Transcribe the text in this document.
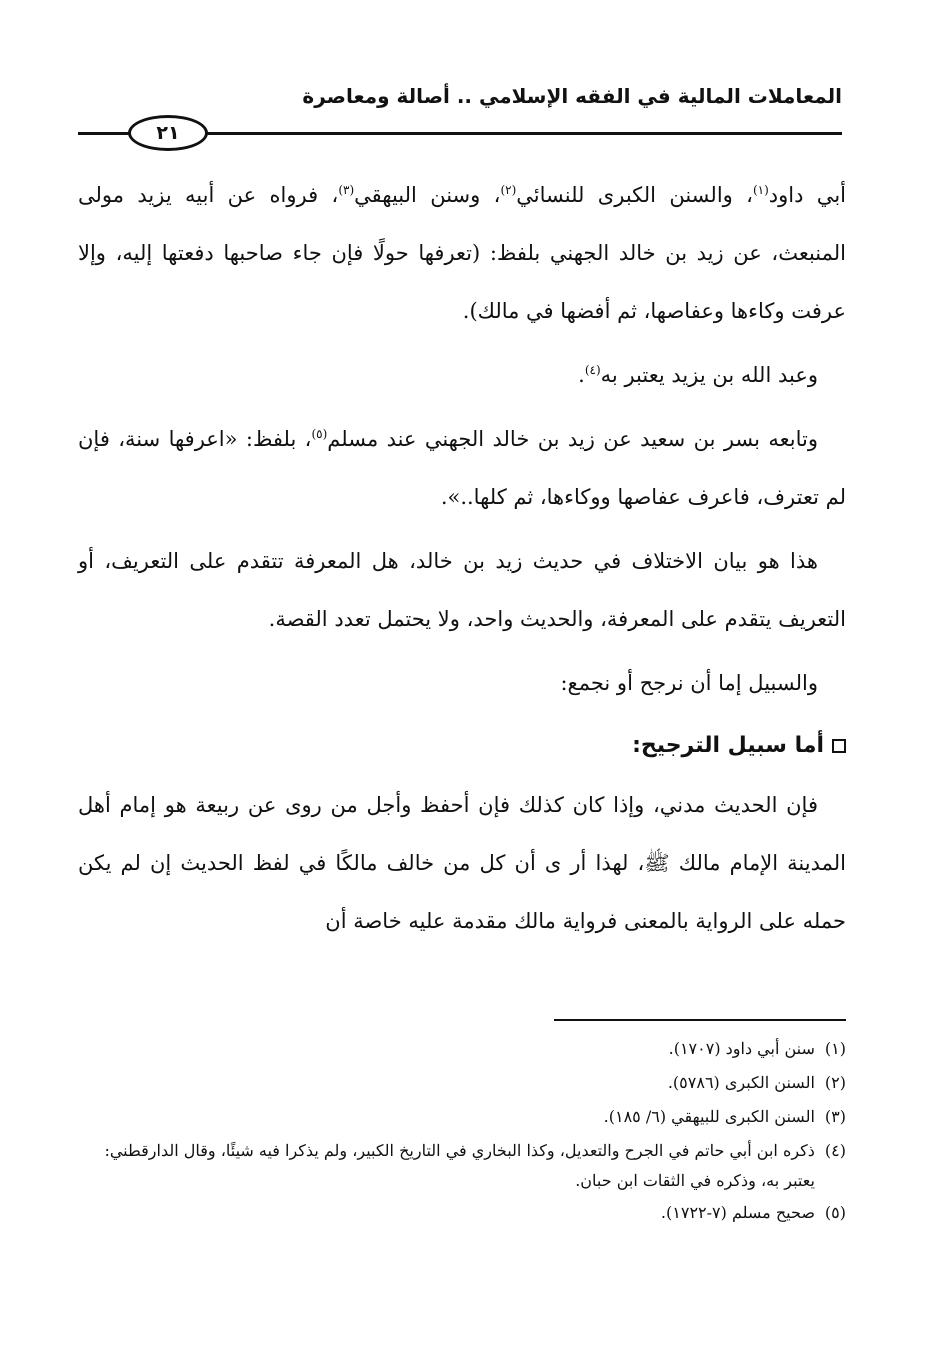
المعاملات المالية في الفقه الإسلامي .. أصالة ومعاصرة
٢١

أبي داود$^{(١)}$، والسنن الكبرى للنسائي$^{(٢)}$، وسنن البيهقي$^{(٣)}$، فرواه عن أبيه يزيد مولى المنبعث، عن زيد بن خالد الجهني بلفظ: (تعرفها حولًا فإن جاء صاحبها دفعتها إليه، وإلا عرفت وكاءها وعفاصها، ثم أفضها في مالك).

وعبد الله بن يزيد يعتبر به$^{(٤)}$.

وتابعه بسر بن سعيد عن زيد بن خالد الجهني عند مسلم$^{(٥)}$، بلفظ: «اعرفها سنة، فإن لم تعترف، فاعرف عفاصها ووكاءها، ثم كلها..».

هذا هو بيان الاختلاف في حديث زيد بن خالد، هل المعرفة تتقدم على التعريف، أو التعريف يتقدم على المعرفة، والحديث واحد، ولا يحتمل تعدد القصة.

والسبيل إما أن نرجح أو نجمع:

أما سبيل الترجيح:

فإن الحديث مدني، وإذا كان كذلك فإن أحفظ وأجل من روى عن ربيعة هو إمام أهل المدينة الإمام مالك ﷺ، لهذا أر ى أن كل من خالف مالكًا في لفظ الحديث إن لم يكن حمله على الرواية بالمعنى فرواية مالك مقدمة عليه خاصة أن

(١)
سنن أبي داود (١٧٠٧).
(٢)
السنن الكبرى (٥٧٨٦).
(٣)
السنن الكبرى للبيهقي (٦/ ١٨٥).
(٤)
ذكره ابن أبي حاتم في الجرح والتعديل، وكذا البخاري في التاريخ الكبير، ولم يذكرا فيه شيئًا، وقال الدارقطني: يعتبر به، وذكره في الثقات ابن حبان.
(٥)
صحيح مسلم (٧-١٧٢٢).
